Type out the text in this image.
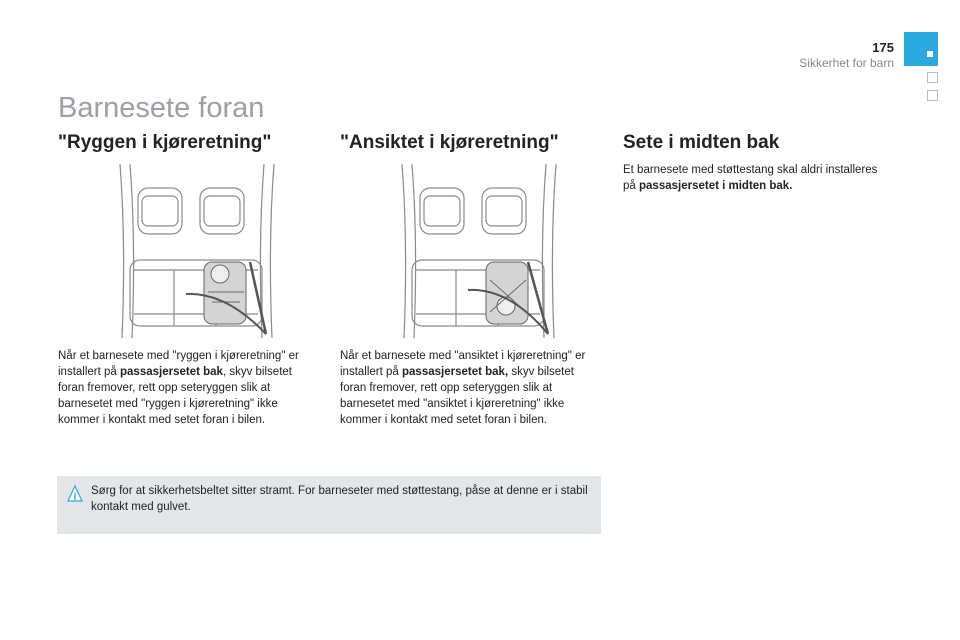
175
Sikkerhet for barn
Barnesete foran
"Ryggen i kjøreretning"

Når et barnesete med "ryggen i kjøreretning" er installert på passasjersetet bak, skyv bilsetet foran fremover, rett opp seteryggen slik at barnesetet med "ryggen i kjøreretning" ikke kommer i kontakt med setet foran i bilen.

"Ansiktet i kjøreretning"

Når et barnesete med "ansiktet i kjøreretning" er installert på passasjersetet bak, skyv bilsetet foran fremover, rett opp seteryggen slik at barnesetet med "ansiktet i kjøreretning" ikke kommer i kontakt med setet foran i bilen.

Sete i midten bak

Et barnesete med støttestang skal aldri installeres på passasjersetet i midten bak.

i Sørg for at sikkerhetsbeltet sitter stramt. For barneseter med støttestang, påse at denne er i stabil kontakt med gulvet.
